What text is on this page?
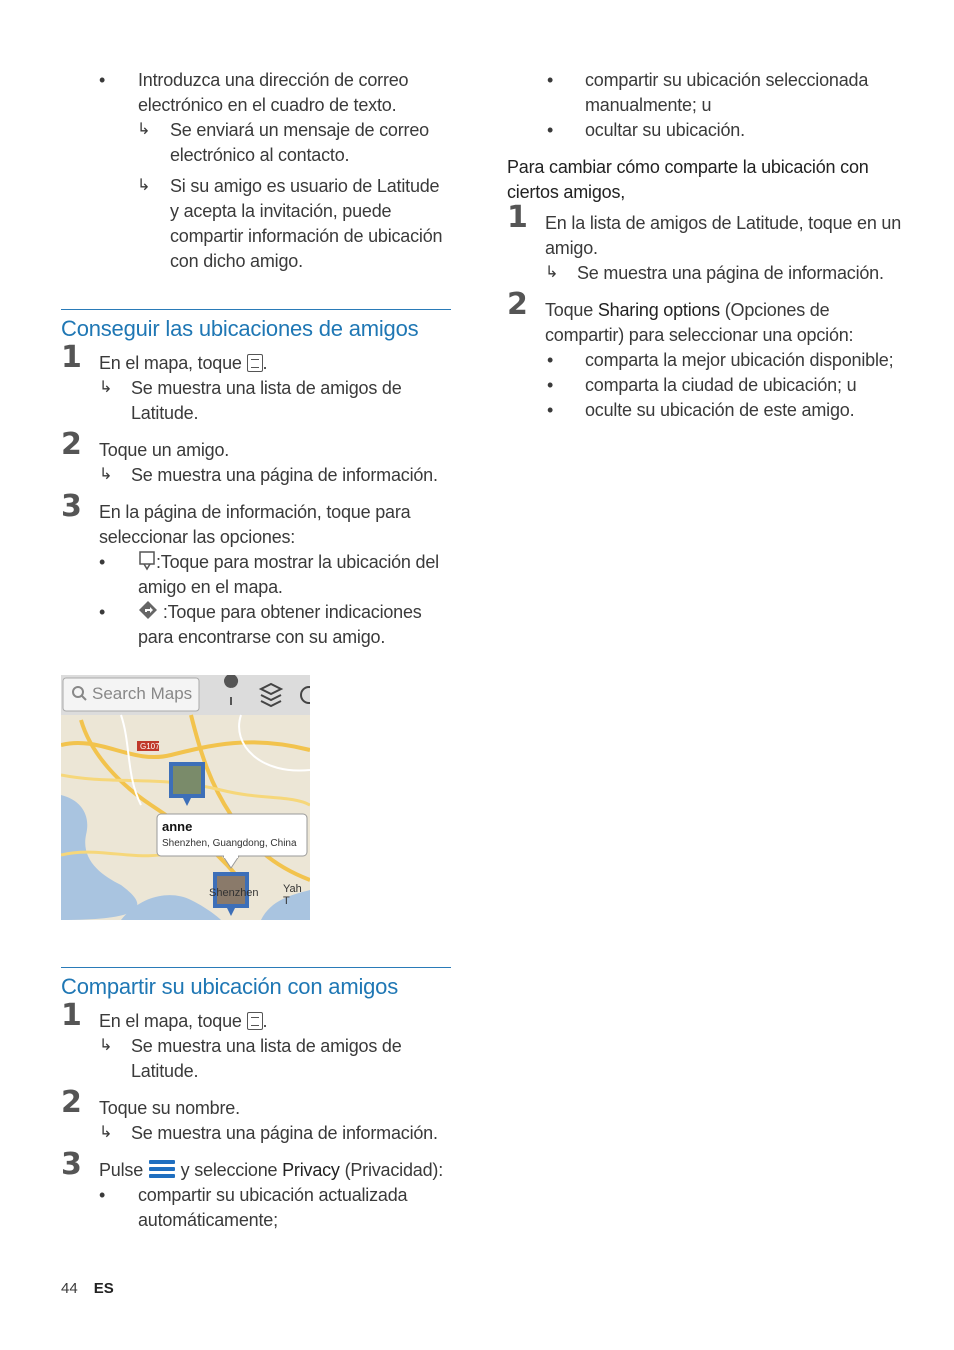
• Introduzca una dirección de correo electrónico en el cuadro de texto.
↳ Se enviará un mensaje de correo electrónico al contacto.
↳ Si su amigo es usuario de Latitude y acepta la invitación, puede compartir información de ubicación con dicho amigo.
Conseguir las ubicaciones de amigos
1 En el mapa, toque .
↳ Se muestra una lista de amigos de Latitude.
2 Toque un amigo.
↳ Se muestra una página de información.
3 En la página de información, toque para seleccionar las opciones:
• :Toque para mostrar la ubicación del amigo en el mapa.
• :Toque para obtener indicaciones para encontrarse con su amigo.
G107
Search Maps
anne
Shenzhen, Guangdong, China
Shenzhen Yah T
Compartir su ubicación con amigos
1 En el mapa, toque .
↳ Se muestra una lista de amigos de Latitude.
2 Toque su nombre.
↳ Se muestra una página de información.
3 Pulse y seleccione Privacy (Privacidad):
• compartir su ubicación actualizada automáticamente;
• compartir su ubicación seleccionada manualmente; u
• ocultar su ubicación.
Para cambiar cómo comparte la ubicación con ciertos amigos,
1 En la lista de amigos de Latitude, toque en un amigo.
↳ Se muestra una página de información.
2 Toque Sharing options (Opciones de compartir) para seleccionar una opción:
• comparta la mejor ubicación disponible;
• comparta la ciudad de ubicación; u
• oculte su ubicación de este amigo.
44 ES
